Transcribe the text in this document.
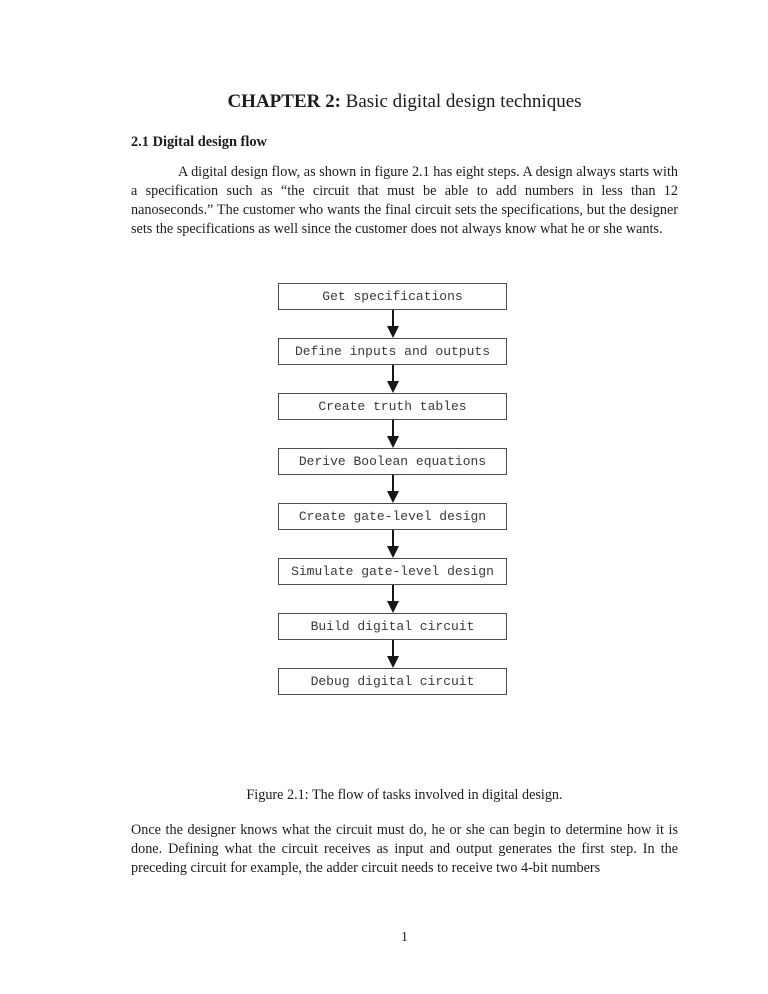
CHAPTER 2: Basic digital design techniques
2.1 Digital design flow

A digital design flow, as shown in figure 2.1 has eight steps. A design always starts with a specification such as “the circuit that must be able to add numbers in less than 12 nanoseconds.” The customer who wants the final circuit sets the specifications, but the designer sets the specifications as well since the customer does not always know what he or she wants.

Get specifications
Define inputs and outputs
Create truth tables
Derive Boolean equations
Create gate-level design
Simulate gate-level design
Build digital circuit
Debug digital circuit
Figure 2.1: The flow of tasks involved in digital design.

Once the designer knows what the circuit must do, he or she can begin to determine how it is done. Defining what the circuit receives as input and output generates the first step. In the preceding circuit for example, the adder circuit needs to receive two 4-bit numbers

1
